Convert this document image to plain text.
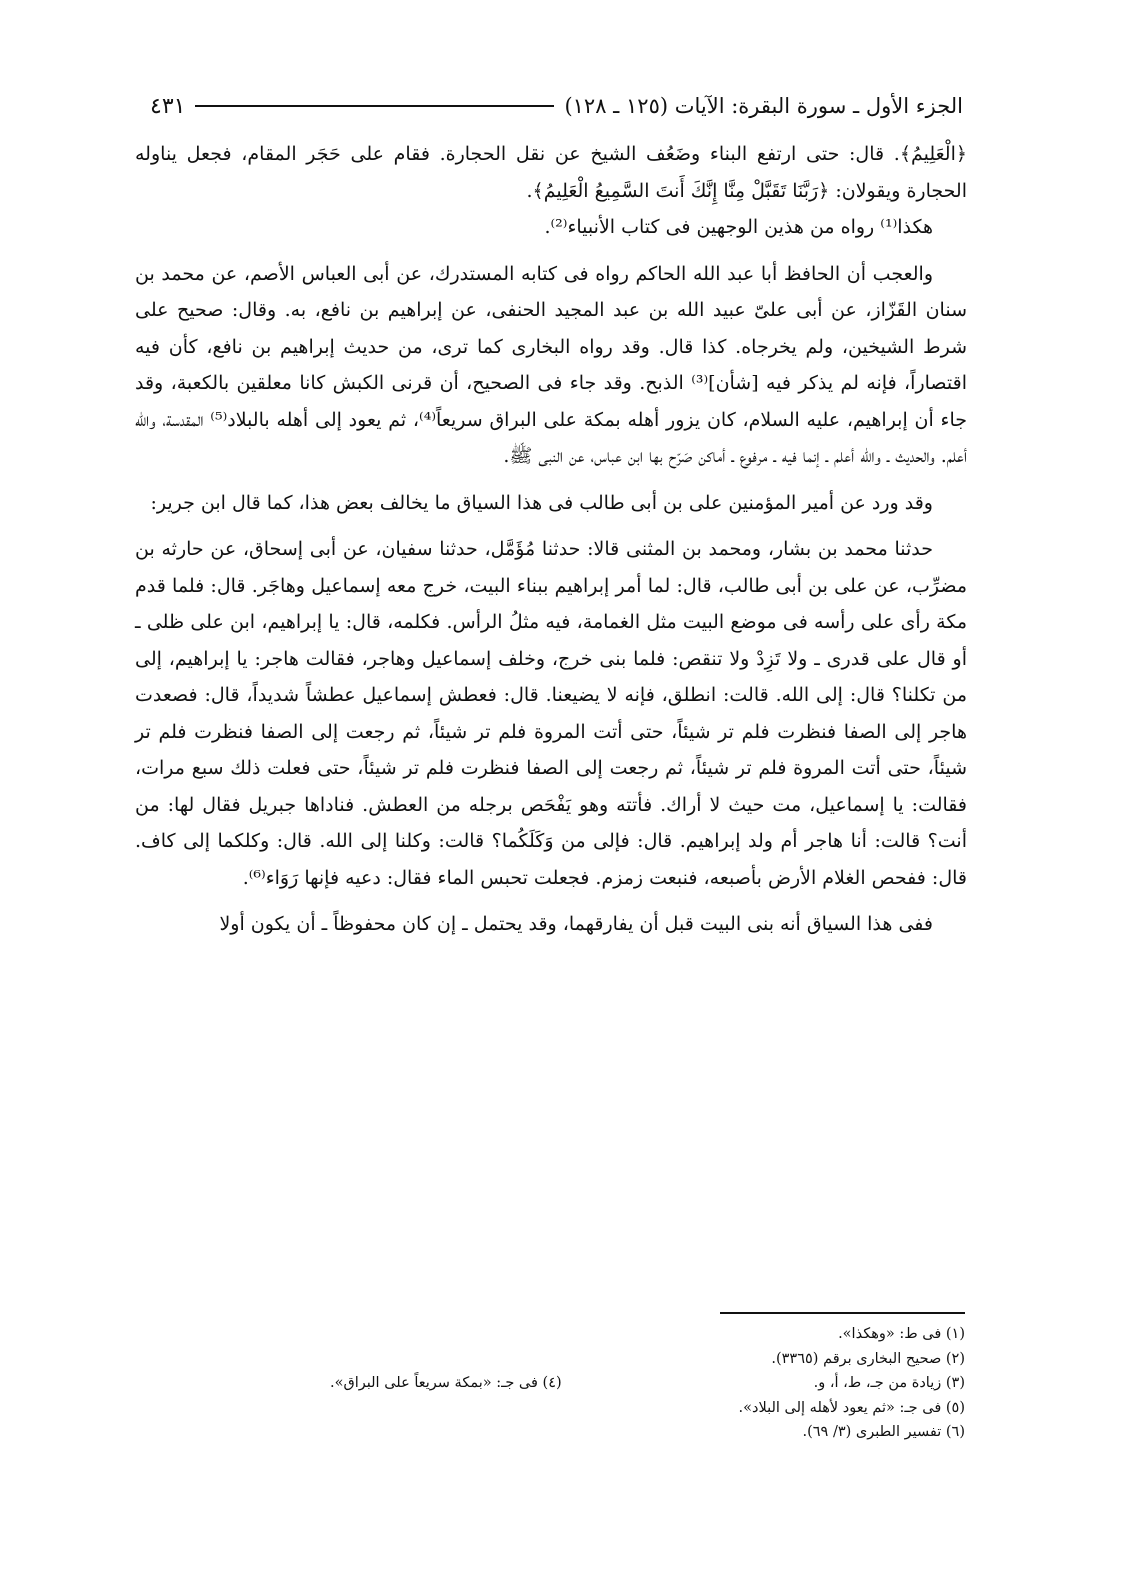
الجزء الأول ـ سورة البقرة: الآيات (١٢٥ ـ ١٢٨)
٤٣١

﴿الْعَلِيمُ﴾. قال: حتى ارتفع البناء وضَعُف الشيخ عن نقل الحجارة. فقام على حَجَر المقام، فجعل يناوله الحجارة ويقولان: ﴿رَبَّنَا تَقَبَّلْ مِنَّا إِنَّكَ أَنتَ السَّمِيعُ الْعَلِيمُ﴾.

هكذا⁽¹⁾ رواه من هذين الوجهين فى كتاب الأنبياء⁽²⁾.

والعجب أن الحافظ أبا عبد الله الحاكم رواه فى كتابه المستدرك، عن أبى العباس الأصم، عن محمد بن سنان القَزّاز، عن أبى علىّ عبيد الله بن عبد المجيد الحنفى، عن إبراهيم بن نافع، به. وقال: صحيح على شرط الشيخين، ولم يخرجاه. كذا قال. وقد رواه البخارى كما ترى، من حديث إبراهيم بن نافع، كأن فيه اقتصاراً، فإنه لم يذكر فيه [شأن]⁽³⁾ الذبح. وقد جاء فى الصحيح، أن قرنى الكبش كانا معلقين بالكعبة، وقد جاء أن إبراهيم، عليه السلام، كان يزور أهله بمكة على البراق سريعاً⁽⁴⁾، ثم يعود إلى أهله بالبلاد⁽⁵⁾ المقدسة، والله أعلم. والحديث ـ والله أعلم ـ إنما فيه ـ مرفوع ـ أماكن صَرّح بها ابن عباس، عن النبى ﷺ.

وقد ورد عن أمير المؤمنين على بن أبى طالب فى هذا السياق ما يخالف بعض هذا، كما قال ابن جرير:

حدثنا محمد بن بشار، ومحمد بن المثنى قالا: حدثنا مُؤَمَّل، حدثنا سفيان، عن أبى إسحاق، عن حارثه بن مضرِّب، عن على بن أبى طالب، قال: لما أمر إبراهيم ببناء البيت، خرج معه إسماعيل وهاجَر. قال: فلما قدم مكة رأى على رأسه فى موضع البيت مثل الغمامة، فيه مثلُ الرأس. فكلمه، قال: يا إبراهيم، ابن على ظلى ـ أو قال على قدرى ـ ولا تَزِدْ ولا تنقص: فلما بنى خرج، وخلف إسماعيل وهاجر، فقالت هاجر: يا إبراهيم، إلى من تكلنا؟ قال: إلى الله. قالت: انطلق، فإنه لا يضيعنا. قال: فعطش إسماعيل عطشاً شديداً، قال: فصعدت هاجر إلى الصفا فنظرت فلم تر شيئاً، حتى أتت المروة فلم تر شيئاً، ثم رجعت إلى الصفا فنظرت فلم تر شيئاً، حتى أتت المروة فلم تر شيئاً، ثم رجعت إلى الصفا فنظرت فلم تر شيئاً، حتى فعلت ذلك سبع مرات، فقالت: يا إسماعيل، مت حيث لا أراك. فأتته وهو يَفْحَص برجله من العطش. فناداها جبريل فقال لها: من أنت؟ قالت: أنا هاجر أم ولد إبراهيم. قال: فإلى من وَكَلَكُما؟ قالت: وكلنا إلى الله. قال: وكلكما إلى كاف. قال: ففحص الغلام الأرض بأصبعه، فنبعت زمزم. فجعلت تحبس الماء فقال: دعيه فإنها رَوَاء⁽⁶⁾.

ففى هذا السياق أنه بنى البيت قبل أن يفارقهما، وقد يحتمل ـ إن كان محفوظاً ـ أن يكون أولا

(١) فى ط: «وهكذا».
(٢) صحيح البخارى برقم (٣٣٦٥).
(٣) زيادة من جـ، ط، أ، و.
(٤) فى جـ: «بمكة سريعاً على البراق».
(٥) فى جـ: «ثم يعود لأهله إلى البلاد».
(٦) تفسير الطبرى (٣/ ٦٩).
